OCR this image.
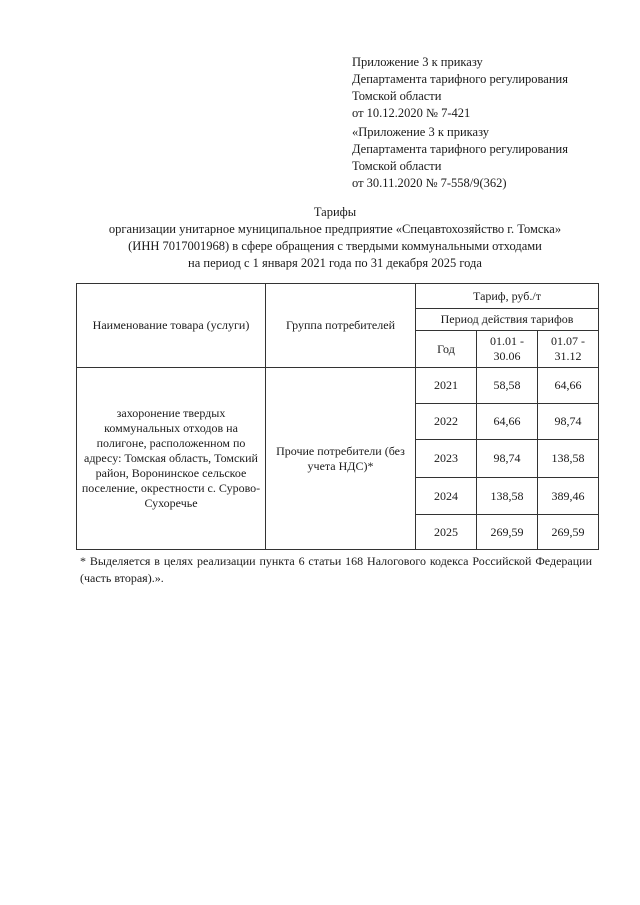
Приложение 3 к приказу
Департамента тарифного регулирования
Томской области
от 10.12.2020 № 7-421
«Приложение 3 к приказу
Департамента тарифного регулирования
Томской области
от 30.11.2020 № 7-558/9(362)
Тарифы
организации унитарное муниципальное предприятие «Спецавтохозяйство г. Томска»
(ИНН 7017001968) в сфере обращения с твердыми коммунальными отходами
на период с 1 января 2021 года по 31 декабря 2025 года
Наименование товара (услуги)	Группа потребителей	Тариф, руб./т		
		Период действия тарифов		
		Год	01.01 - 30.06	01.07 - 31.12
захоронение твердых коммунальных отходов на полигоне, расположенном по адресу: Томская область, Томский район, Воронинское сельское поселение, окрестности с. Сурово-Сухоречье	Прочие потребители (без учета НДС)*	2021	58,58	64,66
		2022	64,66	98,74
		2023	98,74	138,58
		2024	138,58	389,46
		2025	269,59	269,59
* Выделяется в целях реализации пункта 6 статьи 168 Налогового кодекса Российской Федерации (часть вторая).».
